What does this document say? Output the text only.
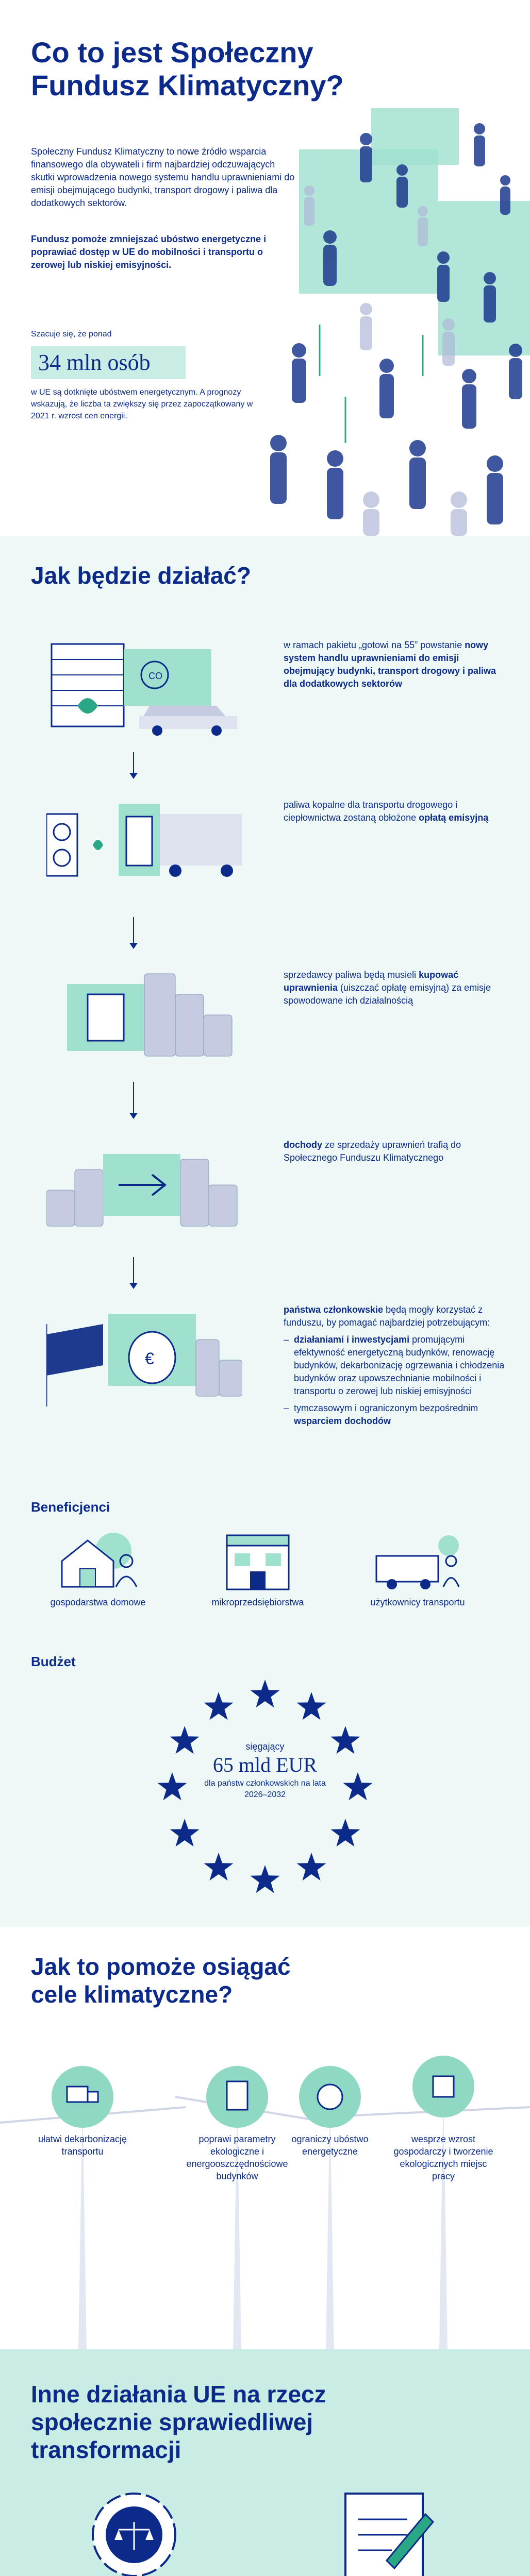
Co to jest Społeczny
Fundusz Klimatyczny?
Społeczny Fundusz Klimatyczny to nowe źródło wsparcia finansowego dla obywateli i firm najbardziej odczuwających skutki wprowadzenia nowego systemu handlu uprawnieniami do emisji obejmującego budynki, transport drogowy i paliwa dla dodatkowych sektorów.
Fundusz pomoże zmniejszać ubóstwo energetyczne i poprawiać dostęp w UE do mobilności i transportu o zerowej lub niskiej emisyjności.
Szacuje się, że ponad
34 mln osób
w UE są dotknięte ubóstwem energetycznym. A prognozy wskazują, że liczba ta zwiększy się przez zapoczątkowany w 2021 r. wzrost cen energii.
Jak będzie działać?
CO
w ramach pakietu „gotowi na 55” powstanie nowy system handlu uprawnieniami do emisji obejmujący budynki, transport drogowy i paliwa dla dodatkowych sektorów
paliwa kopalne dla transportu drogowego i ciepłownictwa zostaną obłożone opłatą emisyjną
sprzedawcy paliwa będą musieli kupować uprawnienia (uiszczać opłatę emisyjną) za emisje spowodowane ich działalnością
dochody ze sprzedaży uprawnień trafią do Społecznego Funduszu Klimatycznego
€
państwa członkowskie będą mogły korzystać z funduszu, by pomagać najbardziej potrzebującym:
– działaniami i inwestycjami promującymi efektywność energetyczną budynków, renowację budynków, dekarbonizację ogrzewania i chłodzenia budynków oraz upowszechnianie mobilności i transportu o zerowej lub niskiej emisyjności
– tymczasowym i ograniczonym bezpośrednim wsparciem dochodów
Beneficjenci
gospodarstwa domowe	mikroprzedsiębiorstwa	użytkownicy transportu
Budżet
sięgający
65 mld EUR
dla państw członkowskich na lata 2026–2032
Jak to pomoże osiągać
cele klimatyczne?
ułatwi dekarbonizację transportu
poprawi parametry ekologiczne i energooszczędnościowe budynków
ograniczy ubóstwo energetyczne
wesprze wzrost gospodarczy i tworzenie ekologicznych miejsc pracy
Inne działania UE na rzecz
społecznie sprawiedliwej
transformacji
